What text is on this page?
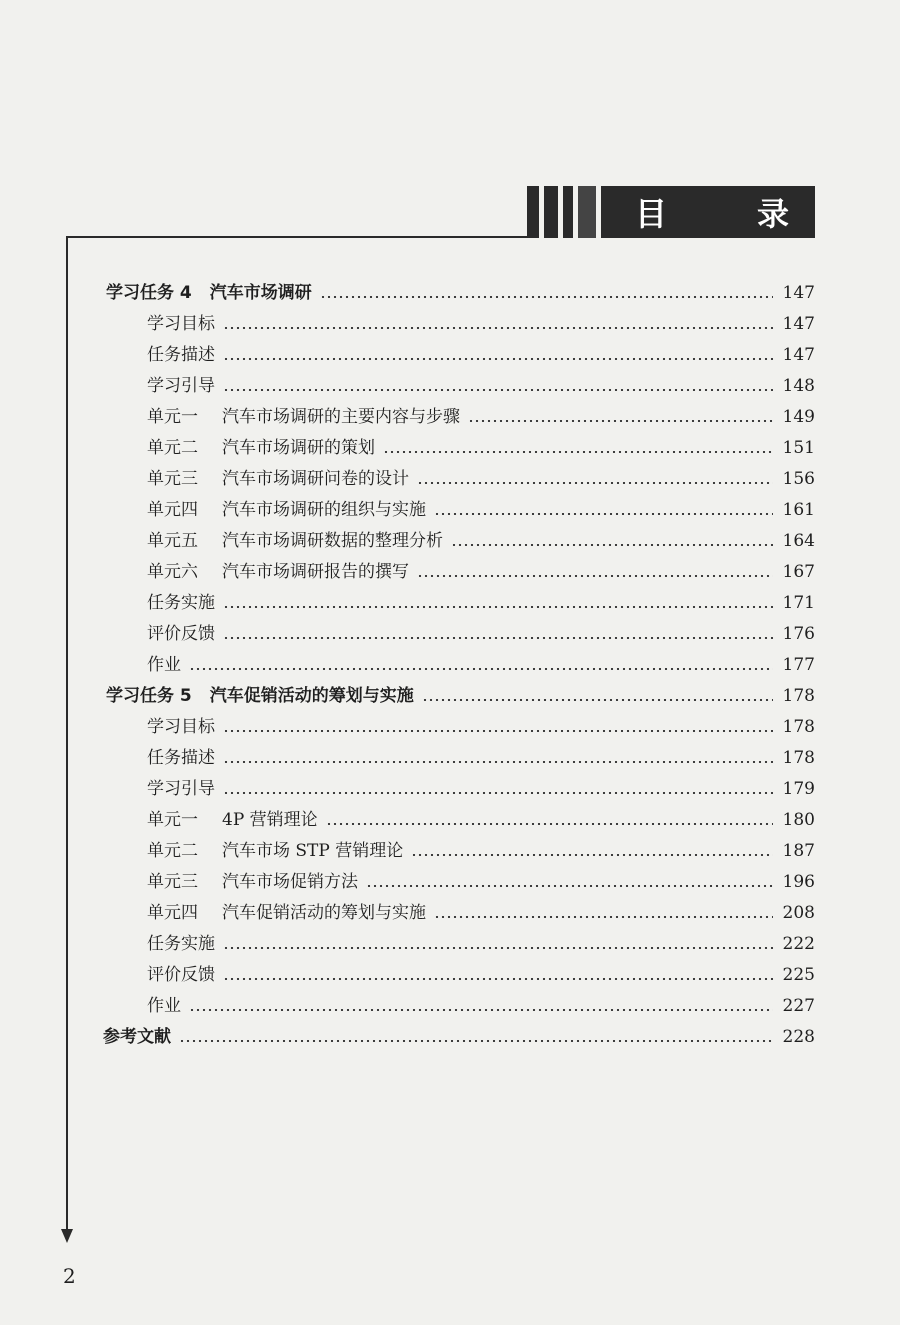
目	录
学习任务 4 汽车市场调研	147
学习目标	147
任务描述	147
学习引导	148
单元一 汽车市场调研的主要内容与步骤	149
单元二 汽车市场调研的策划	151
单元三 汽车市场调研问卷的设计	156
单元四 汽车市场调研的组织与实施	161
单元五 汽车市场调研数据的整理分析	164
单元六 汽车市场调研报告的撰写	167
任务实施	171
评价反馈	176
作业	177
学习任务 5 汽车促销活动的筹划与实施	178
学习目标	178
任务描述	178
学习引导	179
单元一 4P 营销理论	180
单元二 汽车市场 STP 营销理论	187
单元三 汽车市场促销方法	196
单元四 汽车促销活动的筹划与实施	208
任务实施	222
评价反馈	225
作业	227
参考文献	228
2
